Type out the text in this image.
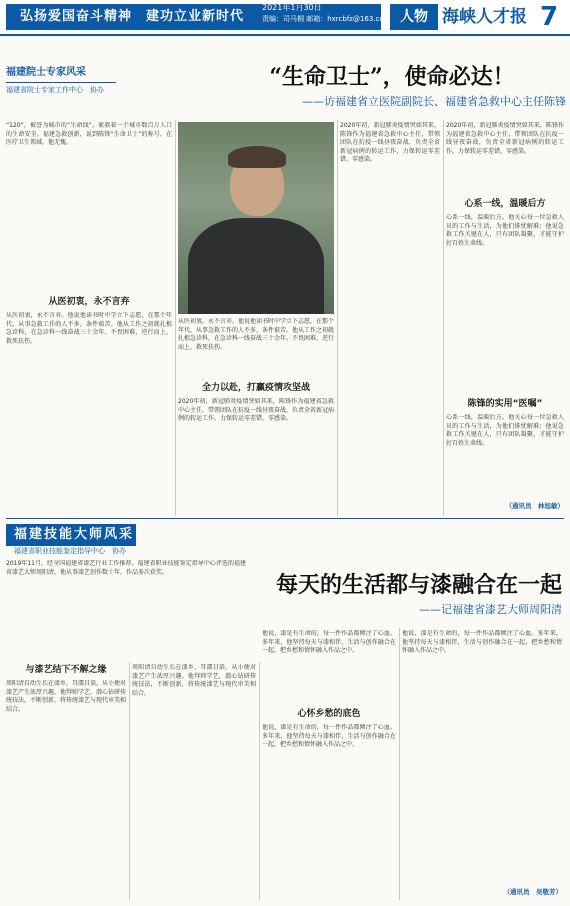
弘扬爱国奋斗精神　建功立业新时代
2021年1月30日
责编：司马桐 邮箱：hxrcbfz@163.com 人物 海峡人才报 7
福建院士专家风采
福建省院士专家工作中心　协办	“生命卫士”，使命必达！
——访福建省立医院副院长、福建省急救中心主任陈锋
“120”，被誉为城市的“生命线”。紧救着一个城市数百万人口的生命安全。福建急救创新，说到陈锋“生命卫士”的称号，在医疗卫生领域，他无愧。
从医初衷，永不言弃
从医初衷，永不言弃。他说他读书时中学立下志愿，在那个年代，从事急救工作的人不多，条件艰苦。他从工作之初就扎根急诊科，在急诊科一线奋战三十余年。不畏困难，逆行而上，救死扶伤。
从医初衷，永不言弃。他说他读书时中学立下志愿，在那个年代，从事急救工作的人不多，条件艰苦。他从工作之初就扎根急诊科，在急诊科一线奋战三十余年。不畏困难，逆行而上，救死扶伤。
全力以赴，打赢疫情攻坚战
2020年初，新冠肺炎疫情突如其来，陈锋作为福建省急救中心主任，带领团队在抗疫一线昼夜奋战，负责全省新冠病例的转运工作，力保转运零差错、零感染。
2020年初，新冠肺炎疫情突如其来，陈锋作为福建省急救中心主任，带领团队在抗疫一线昼夜奋战，负责全省新冠病例的转运工作，力保转运零差错、零感染。
2020年初，新冠肺炎疫情突如其来，陈锋作为福建省急救中心主任，带领团队在抗疫一线昼夜奋战，负责全省新冠病例的转运工作，力保转运零差错、零感染。
心系一线，温暖后方
心系一线，温暖后方。他关心每一位急救人员的工作与生活，为他们排忧解难；他说急救工作关键在人，只有团队凝聚，才能守护好百姓生命线。
陈锋的实用“医嘱”
心系一线，温暖后方。他关心每一位急救人员的工作与生活，为他们排忧解难；他说急救工作关键在人，只有团队凝聚，才能守护好百姓生命线。
（通讯员　林旭敏）
福建技能大师风采
福建省职业技能鉴定指导中心　协办
2019年11月，经全国福建省漆艺行业工作推荐，福建省职业技能鉴定指导中心评选的福建省漆艺大师周阳清，他从事漆艺创作数十年，作品多次获奖。	每天的生活都与漆融合在一起
——记福建省漆艺大师周阳清
与漆艺结下不解之缘
周阳清自幼生长在漆乡，耳濡目染，从小便对漆艺产生浓厚兴趣。他拜师学艺，潜心钻研传统技法，不断创新，将传统漆艺与现代审美相结合。
周阳清自幼生长在漆乡，耳濡目染，从小便对漆艺产生浓厚兴趣。他拜师学艺，潜心钻研传统技法，不断创新，将传统漆艺与现代审美相结合。
他说，漆是有生命的，每一件作品都倾注了心血。多年来，他坚持每天与漆相伴，生活与创作融合在一起，把乡愁和情怀融入作品之中。
心怀乡愁的底色
他说，漆是有生命的，每一件作品都倾注了心血。多年来，他坚持每天与漆相伴，生活与创作融合在一起，把乡愁和情怀融入作品之中。
他说，漆是有生命的，每一件作品都倾注了心血。多年来，他坚持每天与漆相伴，生活与创作融合在一起，把乡愁和情怀融入作品之中。
（通讯员　吴敬芳）
